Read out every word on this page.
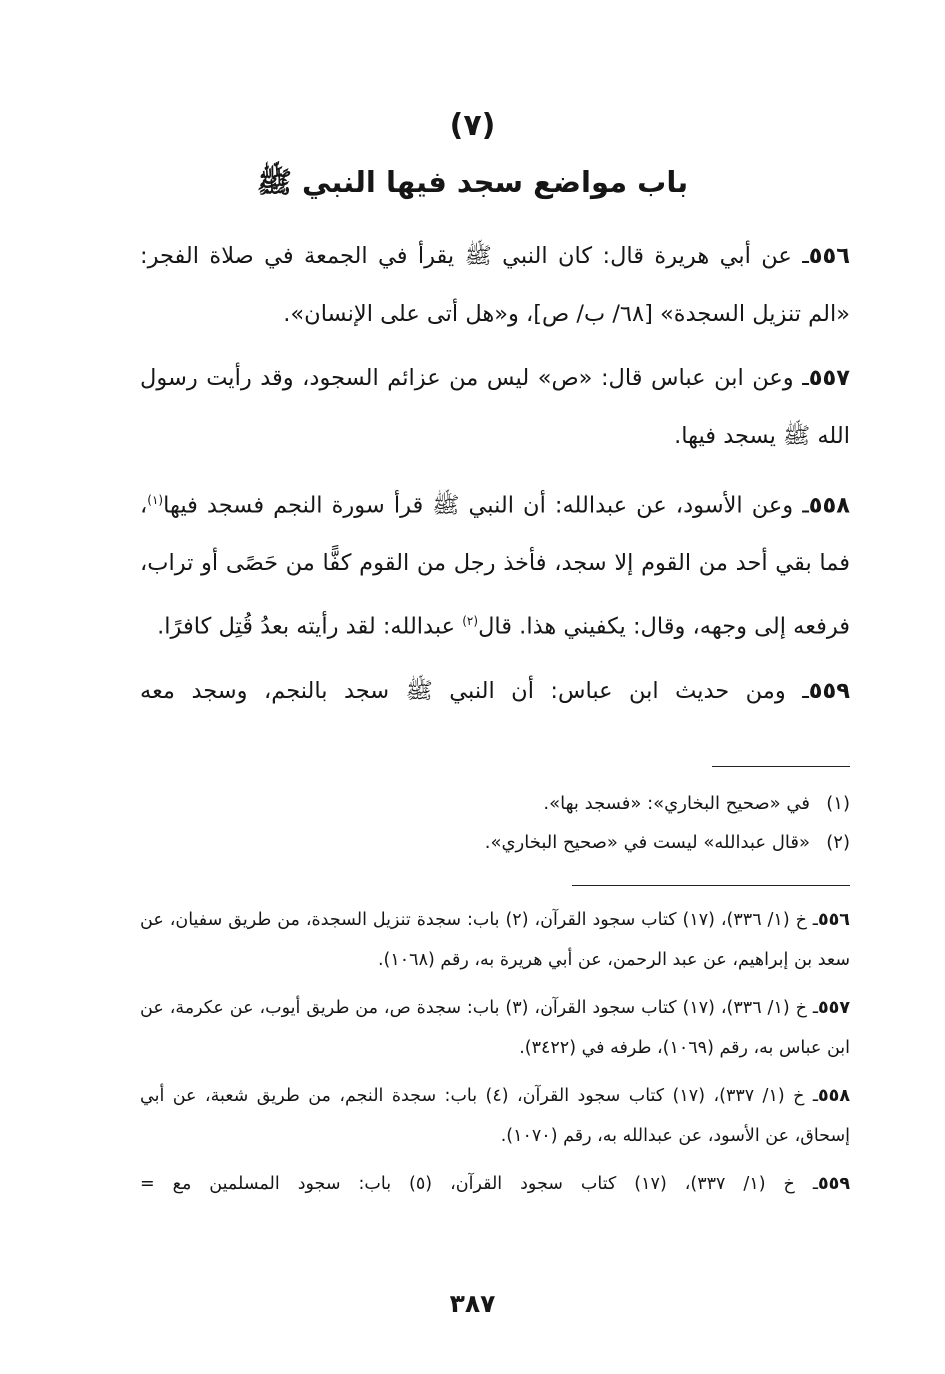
(٧)
باب مواضع سجد فيها النبي ﷺ

٥٥٦ـ عن أبي هريرة قال: كان النبي ﷺ يقرأ في الجمعة في صلاة الفجر: «الم تنزيل السجدة» [٦٨/ ب/ ص]، و«هل أتى على الإنسان».

٥٥٧ـ وعن ابن عباس قال: «ص» ليس من عزائم السجود، وقد رأيت رسول الله ﷺ يسجد فيها.

٥٥٨ـ وعن الأسود، عن عبدالله: أن النبي ﷺ قرأ سورة النجم فسجد فيها$^{(١)}$، فما بقي أحد من القوم إلا سجد، فأخذ رجل من القوم كفًّا من حَصًى أو تراب، فرفعه إلى وجهه، وقال: يكفيني هذا. قال$^{(٢)}$ عبدالله: لقد رأيته بعدُ قُتِل كافرًا.

٥٥٩ـ ومن حديث ابن عباس: أن النبي ﷺ سجد بالنجم، وسجد معه

(١)في «صحيح البخاري»: «فسجد بها».
(٢)«قال عبدالله» ليست في «صحيح البخاري».

٥٥٦ـ خ (١/ ٣٣٦)، (١٧) كتاب سجود القرآن، (٢) باب: سجدة تنزيل السجدة، من طريق سفيان، عن سعد بن إبراهيم، عن عبد الرحمن، عن أبي هريرة به، رقم (١٠٦٨).

٥٥٧ـ خ (١/ ٣٣٦)، (١٧) كتاب سجود القرآن، (٣) باب: سجدة ص، من طريق أيوب، عن عكرمة، عن ابن عباس به، رقم (١٠٦٩)، طرفه في (٣٤٢٢).

٥٥٨ـ خ (١/ ٣٣٧)، (١٧) كتاب سجود القرآن، (٤) باب: سجدة النجم، من طريق شعبة، عن أبي إسحاق، عن الأسود، عن عبدالله به، رقم (١٠٧٠).

٥٥٩ـ خ (١/ ٣٣٧)، (١٧) كتاب سجود القرآن، (٥) باب: سجود المسلمين مع =

٣٨٧
